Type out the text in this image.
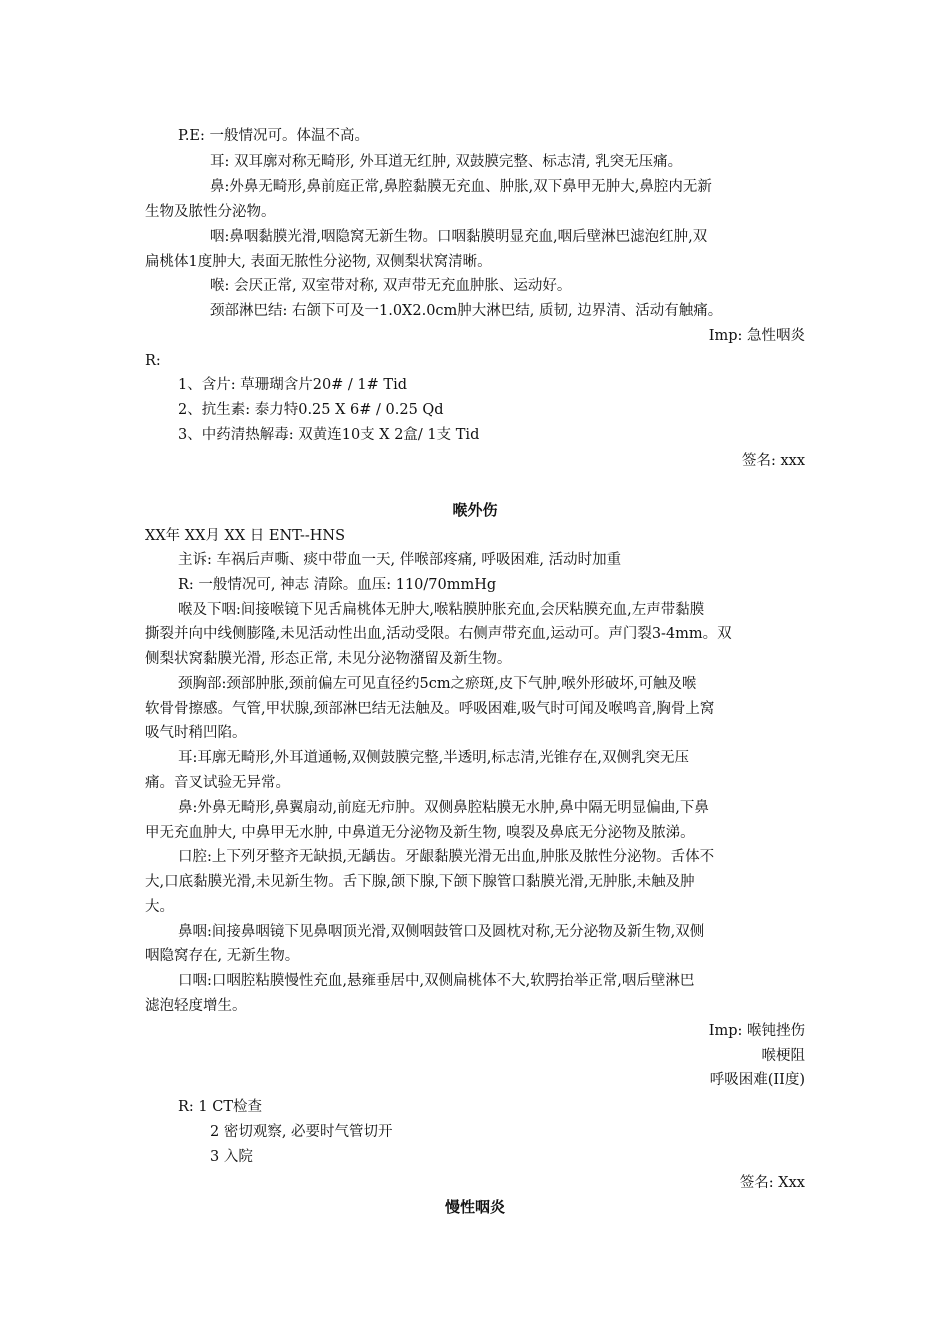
P.E: 一般情况可。体温不高。
耳: 双耳廓对称无畸形, 外耳道无红肿, 双鼓膜完整、标志清, 乳突无压痛。
鼻:外鼻无畸形,鼻前庭正常,鼻腔黏膜无充血、肿胀,双下鼻甲无肿大,鼻腔内无新
生物及脓性分泌物。
咽:鼻咽黏膜光滑,咽隐窝无新生物。口咽黏膜明显充血,咽后壁淋巴滤泡红肿,双
扁桃体1度肿大, 表面无脓性分泌物, 双侧梨状窝清晰。
喉: 会厌正常, 双室带对称, 双声带无充血肿胀、运动好。
颈部淋巴结: 右颌下可及一1.0X2.0cm肿大淋巴结, 质韧, 边界清、活动有触痛。
Imp: 急性咽炎
R:
1、含片: 草珊瑚含片20# / 1# Tid
2、抗生素: 泰力特0.25 X 6# / 0.25 Qd
3、中药清热解毒: 双黄连10支 X 2盒/ 1支 Tid
签名: xxx
喉外伤
XX年 XX月 XX 日 ENT--HNS
主诉: 车祸后声嘶、痰中带血一天, 伴喉部疼痛, 呼吸困难, 活动时加重
R: 一般情况可, 神志 清除。血压: 110/70mmHg
喉及下咽:间接喉镜下见舌扁桃体无肿大,喉粘膜肿胀充血,会厌粘膜充血,左声带黏膜
撕裂并向中线侧膨隆,未见活动性出血,活动受限。右侧声带充血,运动可。声门裂3-4mm。双
侧梨状窝黏膜光滑, 形态正常, 未见分泌物潴留及新生物。
颈胸部:颈部肿胀,颈前偏左可见直径约5cm之瘀斑,皮下气肿,喉外形破坏,可触及喉
软骨骨擦感。气管,甲状腺,颈部淋巴结无法触及。呼吸困难,吸气时可闻及喉鸣音,胸骨上窝
吸气时稍凹陷。
耳:耳廓无畸形,外耳道通畅,双侧鼓膜完整,半透明,标志清,光锥存在,双侧乳突无压
痛。音叉试验无异常。
鼻:外鼻无畸形,鼻翼扇动,前庭无疖肿。双侧鼻腔粘膜无水肿,鼻中隔无明显偏曲,下鼻
甲无充血肿大, 中鼻甲无水肿, 中鼻道无分泌物及新生物, 嗅裂及鼻底无分泌物及脓涕。
口腔:上下列牙整齐无缺损,无龋齿。牙龈黏膜光滑无出血,肿胀及脓性分泌物。舌体不
大,口底黏膜光滑,未见新生物。舌下腺,颌下腺,下颌下腺管口黏膜光滑,无肿胀,未触及肿
大。
鼻咽:间接鼻咽镜下见鼻咽顶光滑,双侧咽鼓管口及圆枕对称,无分泌物及新生物,双侧
咽隐窝存在, 无新生物。
口咽:口咽腔粘膜慢性充血,悬雍垂居中,双侧扁桃体不大,软腭抬举正常,咽后壁淋巴
滤泡轻度增生。
Imp: 喉钝挫伤
喉梗阻
呼吸困难(II度)
R: 1 CT检查
2 密切观察, 必要时气管切开
3 入院
签名: Xxx
慢性咽炎
